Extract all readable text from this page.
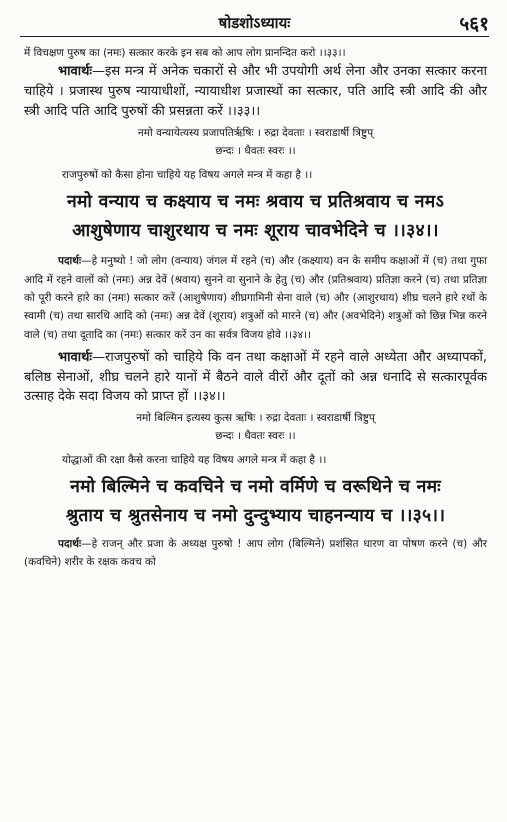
षोडशोऽध्यायः	५६१

में विचक्षण पुरुष का (नमः) सत्कार करके इन सब को आप लोग प्रानन्दित करो ।।३३।।

भावार्थः—इस मन्त्र में अनेक चकारों से और भी उपयोगी अर्थ लेना और उनका सत्कार करना चाहिये । प्रजास्थ पुरुष न्यायाधीशों, न्यायाधीश प्रजास्थों का सत्कार, पति आदि स्त्री आदि की और स्त्री आदि पति आदि पुरुषों की प्रसन्नता करें ।।३३।।

नमो वन्यायेत्यस्य प्रजापतिर्ऋषिः । रुद्रा देवताः । स्वराडार्षी त्रिष्टुप्

छन्दः । धैवतः स्वरः ।।

राजपुरुषों को कैसा होना चाहिये यह विषय अगले मन्त्र में कहा है ।।

नमो वन्याय च कक्ष्याय च नमः श्रवाय च प्रतिश्रवाय च नमऽ

आशुषेणाय चाशुरथाय च नमः शूराय चावभेदिने च ।।३४।।

पदार्थः—हे मनुष्यो ! जो लोग (वन्याय) जंगल में रहने (च) और (कक्ष्याय) वन के समीप कक्षाओं में (च) तथा गुफा आदि में रहने वालों को (नमः) अन्न देवें (श्रवाय) सुनने वा सुनाने के हेतु (च) और (प्रतिश्रवाय) प्रतिज्ञा करने (च) तथा प्रतिज्ञा को पूरी करने हारे का (नमः) सत्कार करें (आशुषेणाय) शीघ्रगामिनी सेना वाले (च) और (आशुरथाय) शीघ्र चलने हारे रथों के स्वामी (च) तथा सारथि आदि को (नमः) अन्न देवें (शूराय) शत्रुओं को मारने (च) और (अवभेदिने) शत्रुओं को छिन्न भिन्न करने वाले (च) तथा दूतादि का (नमः) सत्कार करें उन का सर्वत्र विजय होवे ।।३४।।

भावार्थः—राजपुरुषों को चाहिये कि वन तथा कक्षाओं में रहने वाले अध्येता और अध्यापकों, बलिष्ठ सेनाओं, शीघ्र चलने हारे यानों में बैठने वाले वीरों और दूतों को अन्न धनादि से सत्कारपूर्वक उत्साह देके सदा विजय को प्राप्त हों ।।३४।।

नमो बिल्मिन इत्यस्य कुत्स ऋषिः । रुद्रा देवताः । स्वराडार्षी त्रिष्टुप्

छन्दः । धैवतः स्वरः ।।

योद्धाओं की रक्षा कैसे करना चाहिये यह विषय अगले मन्त्र में कहा है ।।

नमो बिल्मिने च कवचिने च नमो वर्मिणे च वरूथिने च नमः

श्रुताय च श्रुतसेनाय च नमो दुन्दुभ्याय चाहनन्याय च ।।३५।।

पदार्थः—हे राजन् और प्रजा के अध्यक्ष पुरुषो ! आप लोग (बिल्मिने) प्रशंसित धारण वा पोषण करने (च) और (कवचिने) शरीर के रक्षक कवच को
